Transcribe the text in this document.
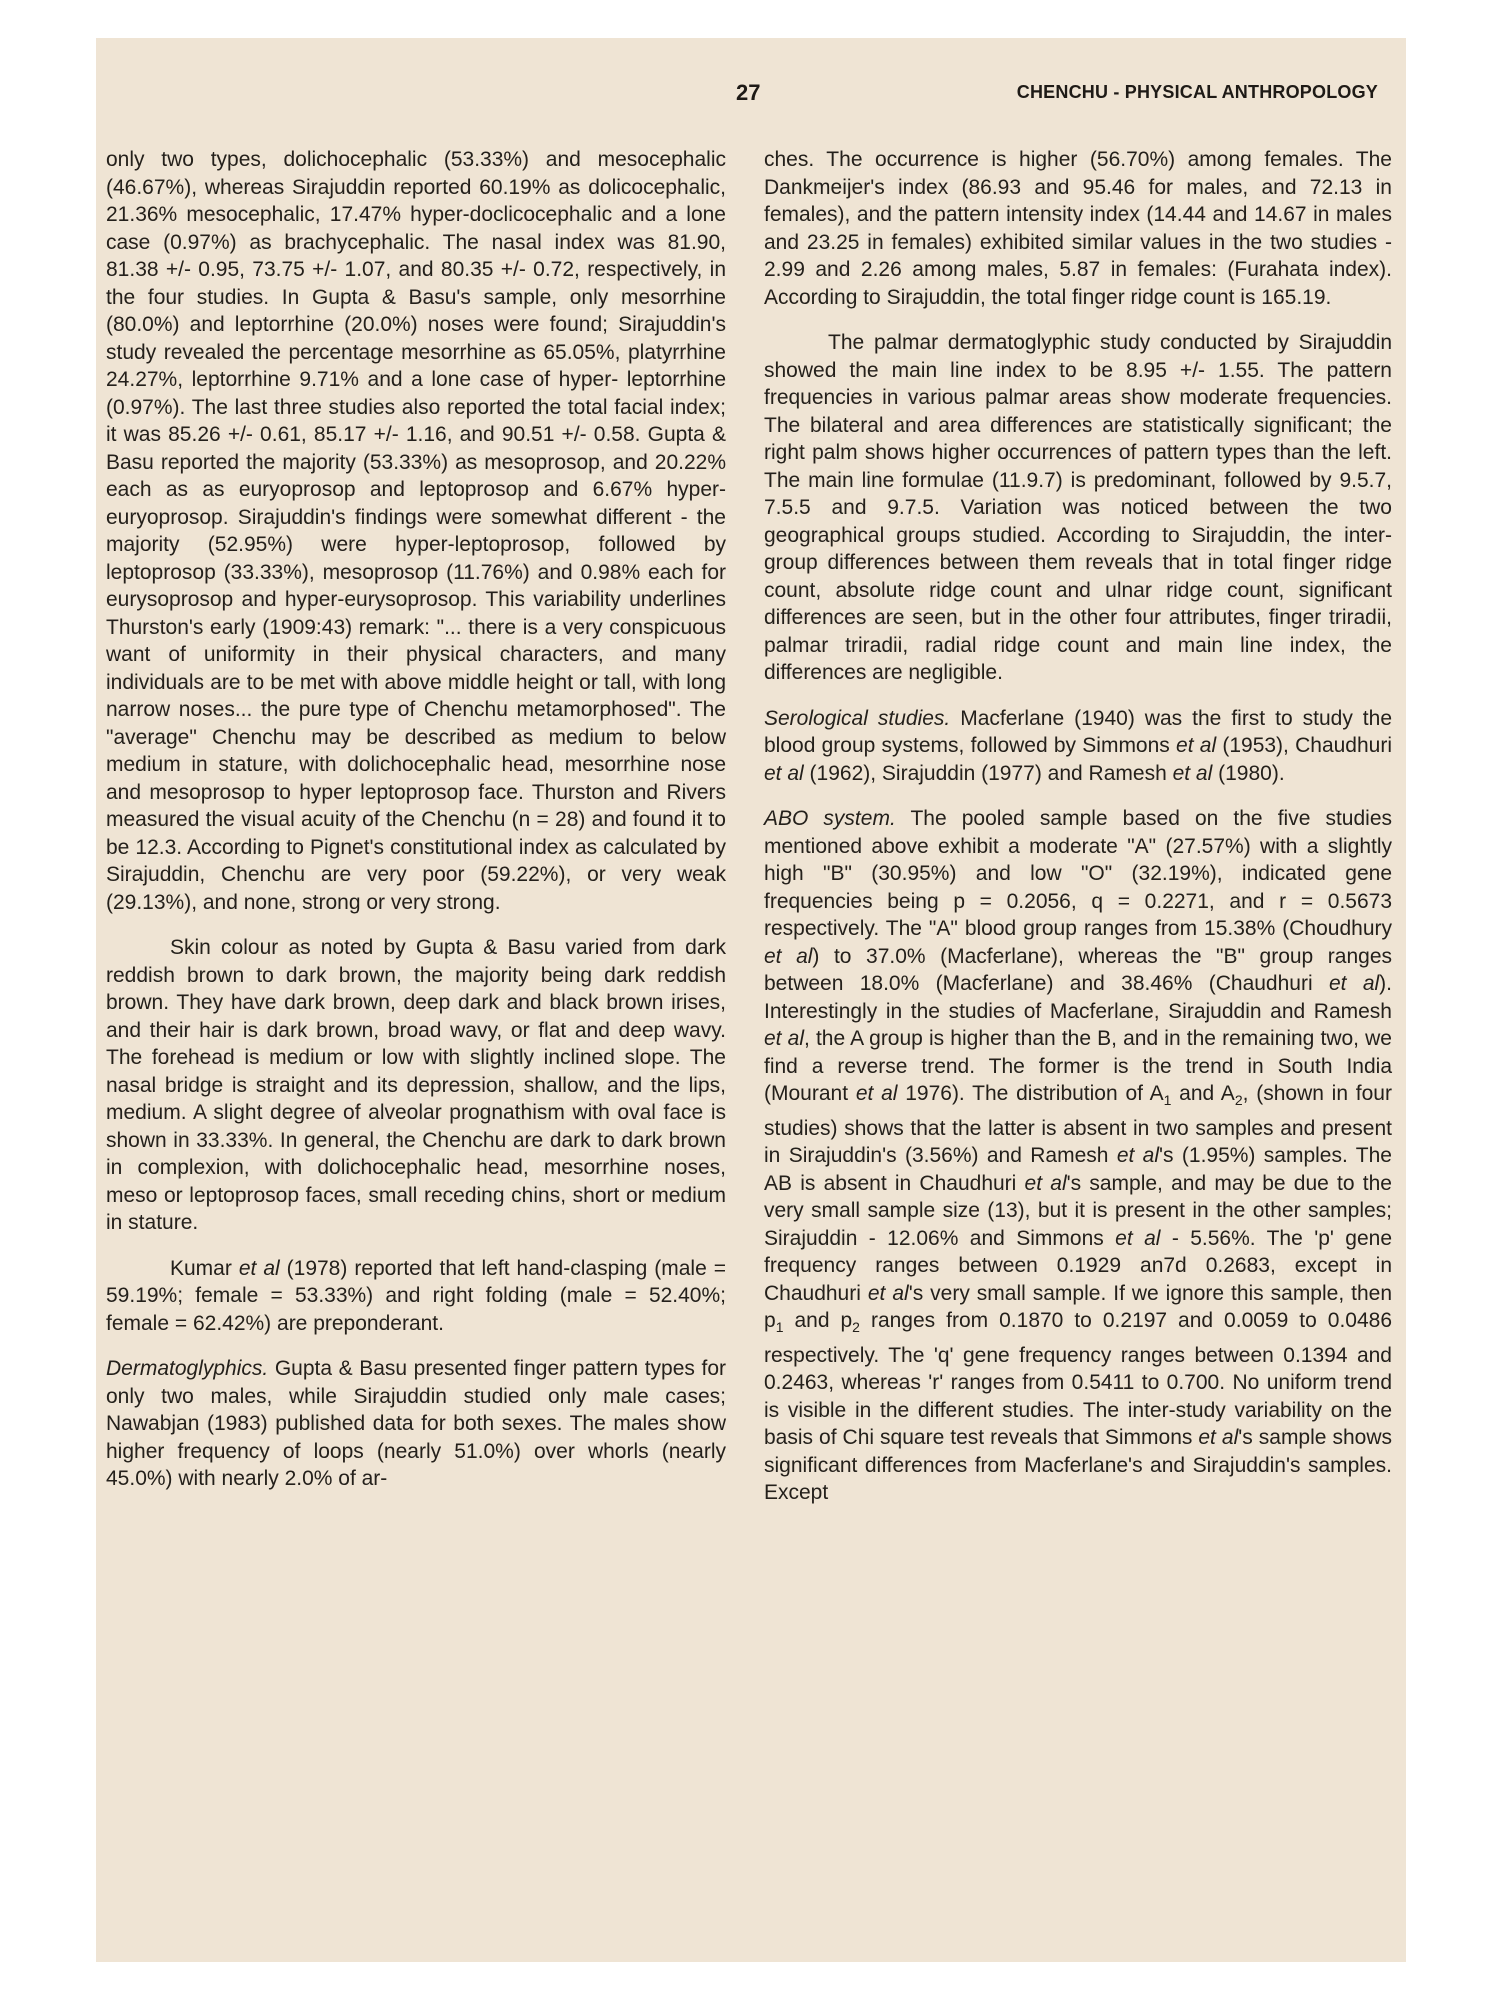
27	CHENCHU - PHYSICAL ANTHROPOLOGY

only two types, dolichocephalic (53.33%) and mesocephalic (46.67%), whereas Sirajuddin reported 60.19% as dolicocephalic, 21.36% mesocephalic, 17.47% hyper-doclicocephalic and a lone case (0.97%) as brachycephalic. The nasal index was 81.90, 81.38 +/- 0.95, 73.75 +/- 1.07, and 80.35 +/- 0.72, respectively, in the four studies. In Gupta & Basu's sample, only mesorrhine (80.0%) and leptorrhine (20.0%) noses were found; Sirajuddin's study revealed the percentage mesorrhine as 65.05%, platyrrhine 24.27%, leptorrhine 9.71% and a lone case of hyper- leptorrhine (0.97%). The last three studies also reported the total facial index; it was 85.26 +/- 0.61, 85.17 +/- 1.16, and 90.51 +/- 0.58. Gupta & Basu reported the majority (53.33%) as mesoprosop, and 20.22% each as as euryoprosop and leptoprosop and 6.67% hyper-euryoprosop. Sirajuddin's findings were somewhat different - the majority (52.95%) were hyper-leptoprosop, followed by leptoprosop (33.33%), mesoprosop (11.76%) and 0.98% each for eurysoprosop and hyper-eurysoprosop. This variability underlines Thurston's early (1909:43) remark: "... there is a very conspicuous want of uniformity in their physical characters, and many individuals are to be met with above middle height or tall, with long narrow noses... the pure type of Chenchu metamorphosed". The "average" Chenchu may be described as medium to below medium in stature, with dolichocephalic head, mesorrhine nose and mesoprosop to hyper leptoprosop face. Thurston and Rivers measured the visual acuity of the Chenchu (n = 28) and found it to be 12.3. According to Pignet's constitutional index as calculated by Sirajuddin, Chenchu are very poor (59.22%), or very weak (29.13%), and none, strong or very strong.

Skin colour as noted by Gupta & Basu varied from dark reddish brown to dark brown, the majority being dark reddish brown. They have dark brown, deep dark and black brown irises, and their hair is dark brown, broad wavy, or flat and deep wavy. The forehead is medium or low with slightly inclined slope. The nasal bridge is straight and its depression, shallow, and the lips, medium. A slight degree of alveolar prognathism with oval face is shown in 33.33%. In general, the Chenchu are dark to dark brown in complexion, with dolichocephalic head, mesorrhine noses, meso or leptoprosop faces, small receding chins, short or medium in stature.

Kumar et al (1978) reported that left hand-clasping (male = 59.19%; female = 53.33%) and right folding (male = 52.40%; female = 62.42%) are preponderant.

Dermatoglyphics. Gupta & Basu presented finger pattern types for only two males, while Sirajuddin studied only male cases; Nawabjan (1983) published data for both sexes. The males show higher frequency of loops (nearly 51.0%) over whorls (nearly 45.0%) with nearly 2.0% of ar-

ches. The occurrence is higher (56.70%) among females. The Dankmeijer's index (86.93 and 95.46 for males, and 72.13 in females), and the pattern intensity index (14.44 and 14.67 in males and 23.25 in females) exhibited similar values in the two studies - 2.99 and 2.26 among males, 5.87 in females: (Furahata index). According to Sirajuddin, the total finger ridge count is 165.19.

The palmar dermatoglyphic study conducted by Sirajuddin showed the main line index to be 8.95 +/- 1.55. The pattern frequencies in various palmar areas show moderate frequencies. The bilateral and area differences are statistically significant; the right palm shows higher occurrences of pattern types than the left. The main line formulae (11.9.7) is predominant, followed by 9.5.7, 7.5.5 and 9.7.5. Variation was noticed between the two geographical groups studied. According to Sirajuddin, the inter-group differences between them reveals that in total finger ridge count, absolute ridge count and ulnar ridge count, significant differences are seen, but in the other four attributes, finger triradii, palmar triradii, radial ridge count and main line index, the differences are negligible.

Serological studies. Macferlane (1940) was the first to study the blood group systems, followed by Simmons et al (1953), Chaudhuri et al (1962), Sirajuddin (1977) and Ramesh et al (1980).

ABO system. The pooled sample based on the five studies mentioned above exhibit a moderate "A" (27.57%) with a slightly high "B" (30.95%) and low "O" (32.19%), indicated gene frequencies being p = 0.2056, q = 0.2271, and r = 0.5673 respectively. The "A" blood group ranges from 15.38% (Choudhury et al) to 37.0% (Macferlane), whereas the "B" group ranges between 18.0% (Macferlane) and 38.46% (Chaudhuri et al). Interestingly in the studies of Macferlane, Sirajuddin and Ramesh et al, the A group is higher than the B, and in the remaining two, we find a reverse trend. The former is the trend in South India (Mourant et al 1976). The distribution of $A_1$ and $A_2$, (shown in four studies) shows that the latter is absent in two samples and present in Sirajuddin's (3.56%) and Ramesh et al's (1.95%) samples. The AB is absent in Chaudhuri et al's sample, and may be due to the very small sample size (13), but it is present in the other samples; Sirajuddin - 12.06% and Simmons et al - 5.56%. The 'p' gene frequency ranges between 0.1929 an7d 0.2683, except in Chaudhuri et al's very small sample. If we ignore this sample, then $p_1$ and $p_2$ ranges from 0.1870 to 0.2197 and 0.0059 to 0.0486 respectively. The 'q' gene frequency ranges between 0.1394 and 0.2463, whereas 'r' ranges from 0.5411 to 0.700. No uniform trend is visible in the different studies. The inter-study variability on the basis of Chi square test reveals that Simmons et al's sample shows significant differences from Macferlane's and Sirajuddin's samples. Except
